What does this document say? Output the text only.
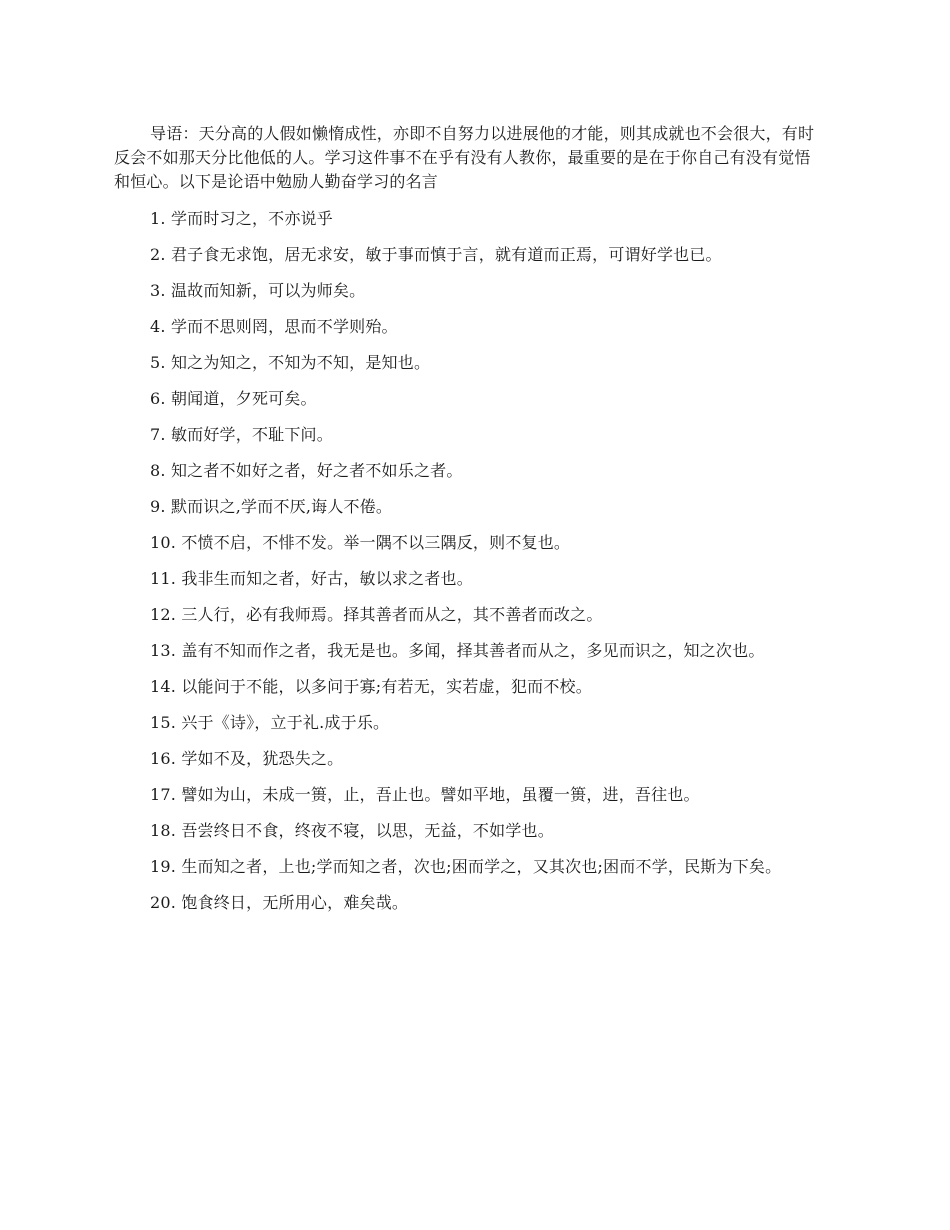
导语：天分高的人假如懒惰成性，亦即不自努力以进展他的才能，则其成就也不会很大，有时反会不如那天分比他低的人。学习这件事不在乎有没有人教你，最重要的是在于你自己有没有觉悟和恒心。以下是论语中勉励人勤奋学习的名言

1. 学而时习之，不亦说乎

2. 君子食无求饱，居无求安，敏于事而慎于言，就有道而正焉，可谓好学也已。

3. 温故而知新，可以为师矣。

4. 学而不思则罔，思而不学则殆。

5. 知之为知之，不知为不知，是知也。

6. 朝闻道，夕死可矣。

7. 敏而好学，不耻下问。

8. 知之者不如好之者，好之者不如乐之者。

9. 默而识之,学而不厌,诲人不倦。

10. 不愤不启，不悱不发。举一隅不以三隅反，则不复也。

11. 我非生而知之者，好古，敏以求之者也。

12. 三人行，必有我师焉。择其善者而从之，其不善者而改之。

13. 盖有不知而作之者，我无是也。多闻，择其善者而从之，多见而识之，知之次也。

14. 以能问于不能，以多问于寡;有若无，实若虚，犯而不校。

15. 兴于《诗》，立于礼.成于乐。

16. 学如不及，犹恐失之。

17. 譬如为山，未成一篑，止，吾止也。譬如平地，虽覆一篑，进，吾往也。

18. 吾尝终日不食，终夜不寝，以思，无益，不如学也。

19. 生而知之者，上也;学而知之者，次也;困而学之，又其次也;困而不学，民斯为下矣。

20. 饱食终日，无所用心，难矣哉。
